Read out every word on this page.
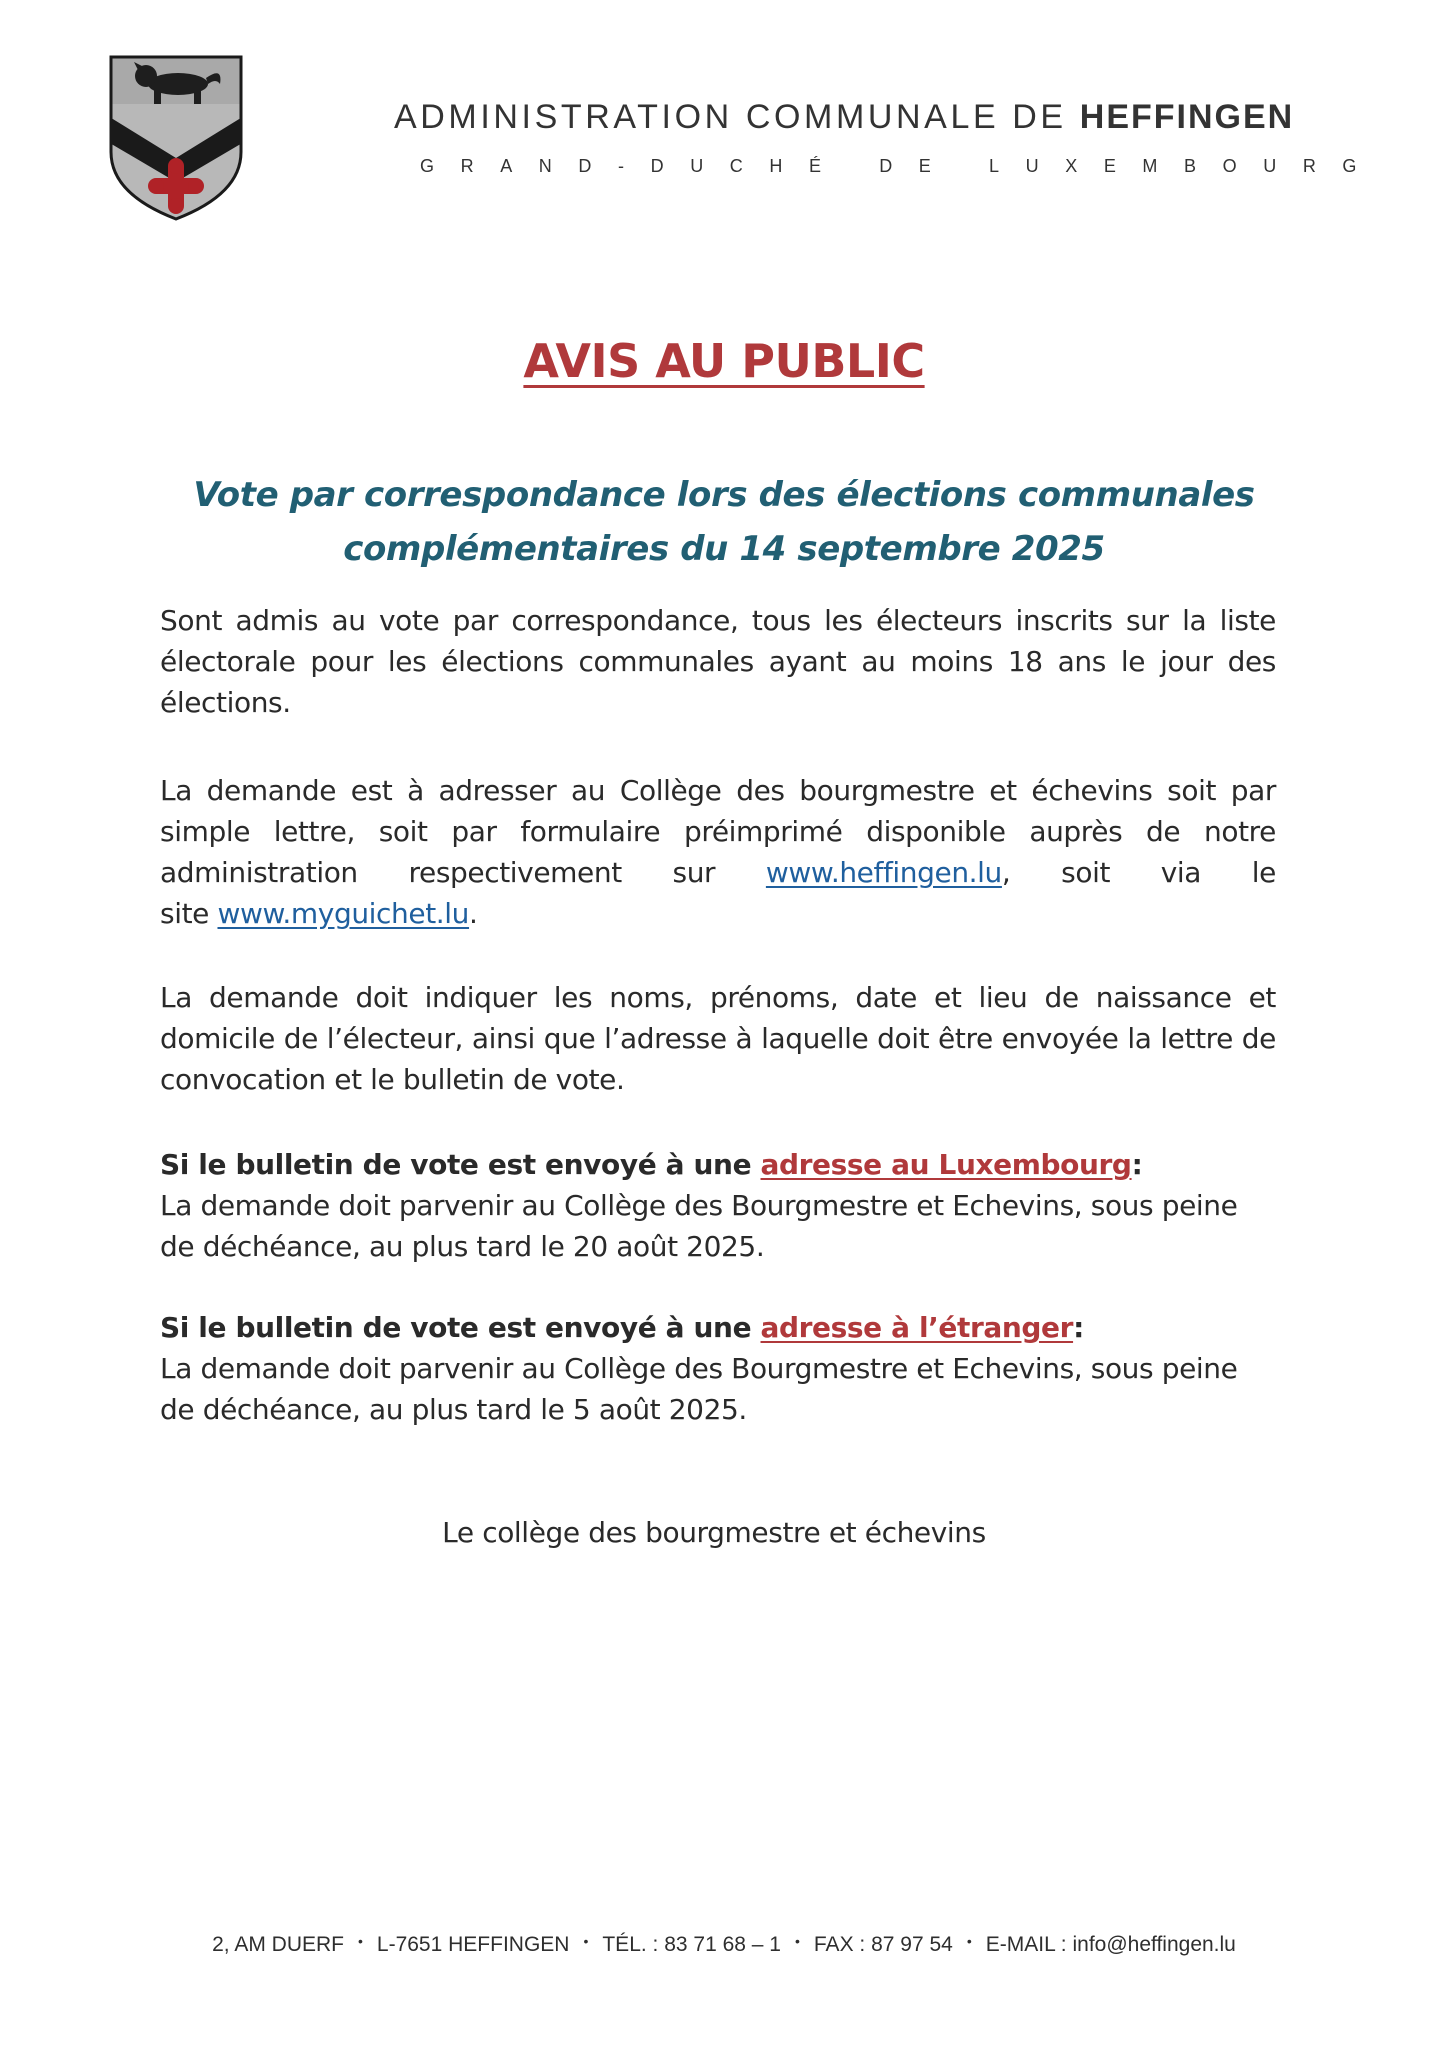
ADMINISTRATION COMMUNALE DE HEFFINGEN
GRAND-DUCHÉ DE LUXEMBOURG
AVIS AU PUBLIC
Vote par correspondance lors des élections communales
complémentaires du 14 septembre 2025
Sont admis au vote par correspondance, tous les électeurs inscrits sur la liste électorale pour les élections communales ayant au moins 18 ans le jour des élections.
La demande est à adresser au Collège des bourgmestre et échevins soit par simple lettre, soit par formulaire préimprimé disponible auprès de notre administration respectivement sur www.heffingen.lu, soit via le
site www.myguichet.lu.
La demande doit indiquer les noms, prénoms, date et lieu de naissance et domicile de l’électeur, ainsi que l’adresse à laquelle doit être envoyée la lettre de convocation et le bulletin de vote.
Si le bulletin de vote est envoyé à une adresse au Luxembourg:
La demande doit parvenir au Collège des Bourgmestre et Echevins, sous peine de déchéance, au plus tard le 20 août 2025.
Si le bulletin de vote est envoyé à une adresse à l’étranger:
La demande doit parvenir au Collège des Bourgmestre et Echevins, sous peine de déchéance, au plus tard le 5 août 2025.
Le collège des bourgmestre et échevins
2, AM DUERF • L-7651 HEFFINGEN • TÉL. : 83 71 68 – 1 • FAX : 87 97 54 • E-MAIL : info@heffingen.lu
